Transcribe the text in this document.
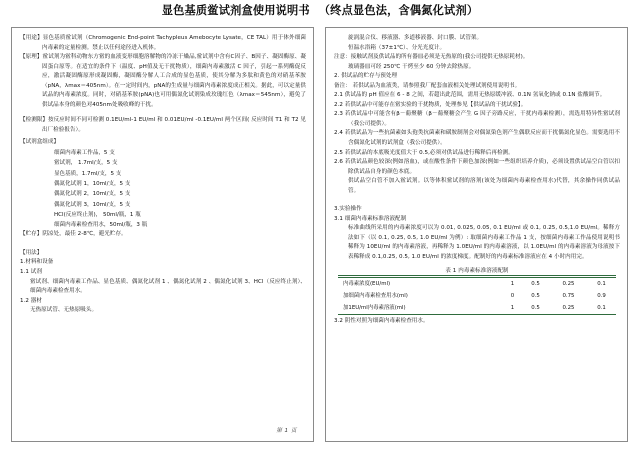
显色基质鲎试剂盒使用说明书 （终点显色法，含偶氮化试剂）
【用途】显色基质鲎试剂（Chromogenic End-point Tachypleus Amebocyte Lysate，CE TAL）用于体外细菌内毒素的定量检测。禁止以任何途径进入机体。
【原理】鲎试剂为鲎科动物东方鲎的血液变形细胞溶解物的冷冻干燥品,鲎试剂中含有C因子、B因子、凝固酶原、凝固蛋白原等。在适宜的条件下（温度、pH值及无干扰物质），细菌内毒素激活 C 因子，引起一系列酶促反应，激活凝固酶原形成凝固酶，凝固酶分解人工合成的显色基质，使其分解为多肽和黄色的对硝基苯胺（pNA，λmax＝405nm）。在一定时间内，pNA的生成量与细菌内毒素浓度成正相关。据此，可以定量供试品的内毒素浓度。同时，对硝基苯胺(pNA)也可用偶氮化试剂染成玫瑰红色（λmax＝545nm），避免了供试品本身的颜色对405nm处吸收峰的干扰。
【检测限】按反应时间不同可检测 0.1EU/ml-1 EU/ml 和 0.01EU/ml -0.1EU/ml 两个区间( 反应时间 T1 和 T2 见出厂检验报告）。
【试剂盒组成】
细菌内毒素工作品，5 支
鲎试剂， 1.7ml/支，5 支
显色基质，1.7ml/支，5 支
偶氮化试剂 1，10ml/支，5 支
偶氮化试剂 2，10ml/支，5 支
偶氮化试剂 3，10ml/支，5 支
HCl(反应终止剂)， 50ml/瓶，1 瓶
细菌内毒素检查用水，50ml/瓶，3 瓶
【贮存】阴凉处，最佳 2-8℃，避光贮存。
【用法】
1.材料和设备
1.1 试剂
鲎试剂、细菌内毒素工作品、显色基质、偶氮化试剂 1 、偶氮化试剂 2 、偶氮化试剂 3、HCl（反应终止剂）、细菌内毒素检查用水。
1.2 器材
无热原试管、无热原吸头。
第 1 页
旋涡混合仪、移液器、多道移液器、封口膜、试管架。
恒温水浴箱（37±1℃）、分光光度计。
注意：接触试剂及供试品的所有器皿必须是无热原的(我公司提供无热原耗材)。
玻璃器皿可经 250℃ 干烤至少 60 分钟去除热原。
2. 供试品的贮存与预处理
备注： 若供试品为血液类，请参照我厂配套血液相关处理试剂使用说明书。
2.1 供试品的 pH 值应在 6 - 8 之间，若超出此范围，需用无热原缓冲液、0.1N 氢氧化钠或 0.1N 盐酸调节。
2.2 若供试品中可能存在鲎实验的干扰物质，处理参见【供试品的干扰试验】。
2.3 若供试品中可能含有β－葡聚糖（β－葡聚糖会产生 G 因子旁路反应，干扰内毒素检测），需选用特异性鲎试剂（我公司提供）。
2.4 若供试品为一些抗菌素如头孢类抗菌素和磺胺制剂会对偶氮染色剂产生偶联反应而干扰偶氮化显色。需要选用不含偶氮化试剂的试剂盒（我公司提供）。
2.5 若供试品的本底吸光度值大于 0.5,必须对供试品进行稀释后再检测。
2.6 若供试品颜色较深(例如溶血)，或在酸性条件下颜色加深(例如一些组织培养介质)，必须设置供试品空白管以扣除供试品自身的颜色本底。
供试品空白管不加入鲎试剂。以等体积鲎试剂的溶剂(该处为细菌内毒素检查用水)代替，其余操作同供试品管。
3.实验操作
3.1 细菌内毒素标准溶液配制
标准曲线所采用的内毒素浓度可以为 0.01, 0.025, 0.05, 0.1 EU/ml 或 0.1, 0.25, 0.5,1.0 EU/ml。稀释方法如下（以 0.1, 0.25, 0.5, 1.0 EU/ml 为例）: 取细菌内毒素工作品 1 支，按细菌内毒素工作品使用说明书稀释为 10EU/ml 的内毒素溶液，再稀释为 1.0EU/ml 的内毒素溶液，以 1.0EU/ml 的内毒素溶液为母液按下表稀释成 0.1,0.25, 0.5, 1.0 EU/ml 的浓度梯度。配制好的内毒素标准溶液应在 4 小时内用完。
表 1 内毒素标准溶液配制

内毒素浓度(EU/ml)	1	0.5	0.25	0.1
加细菌内毒素检查用水(ml)	0	0.5	0.75	0.9
加1EU/ml内毒素溶液(ml)	1	0.5	0.25	0.1
3.2 阴性对照为细菌内毒素检查用水。
